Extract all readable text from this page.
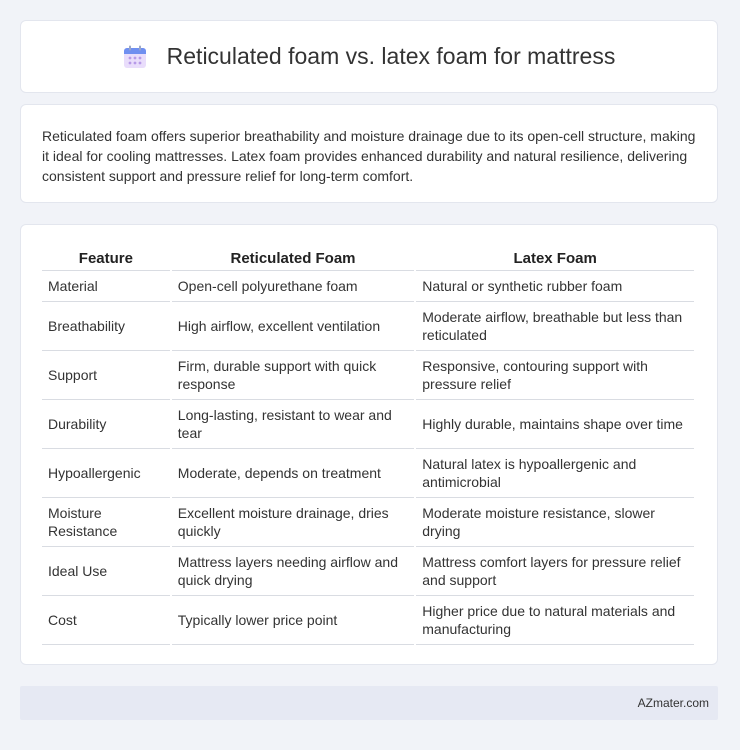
Reticulated foam vs. latex foam for mattress

Reticulated foam offers superior breathability and moisture drainage due to its open-cell structure, making it ideal for cooling mattresses. Latex foam provides enhanced durability and natural resilience, delivering consistent support and pressure relief for long-term comfort.

Feature	Reticulated Foam	Latex Foam
Material	Open-cell polyurethane foam	Natural or synthetic rubber foam
Breathability	High airflow, excellent ventilation	Moderate airflow, breathable but less than reticulated
Support	Firm, durable support with quick response	Responsive, contouring support with pressure relief
Durability	Long-lasting, resistant to wear and tear	Highly durable, maintains shape over time
Hypoallergenic	Moderate, depends on treatment	Natural latex is hypoallergenic and antimicrobial
Moisture Resistance	Excellent moisture drainage, dries quickly	Moderate moisture resistance, slower drying
Ideal Use	Mattress layers needing airflow and quick drying	Mattress comfort layers for pressure relief and support
Cost	Typically lower price point	Higher price due to natural materials and manufacturing
AZmater.com
